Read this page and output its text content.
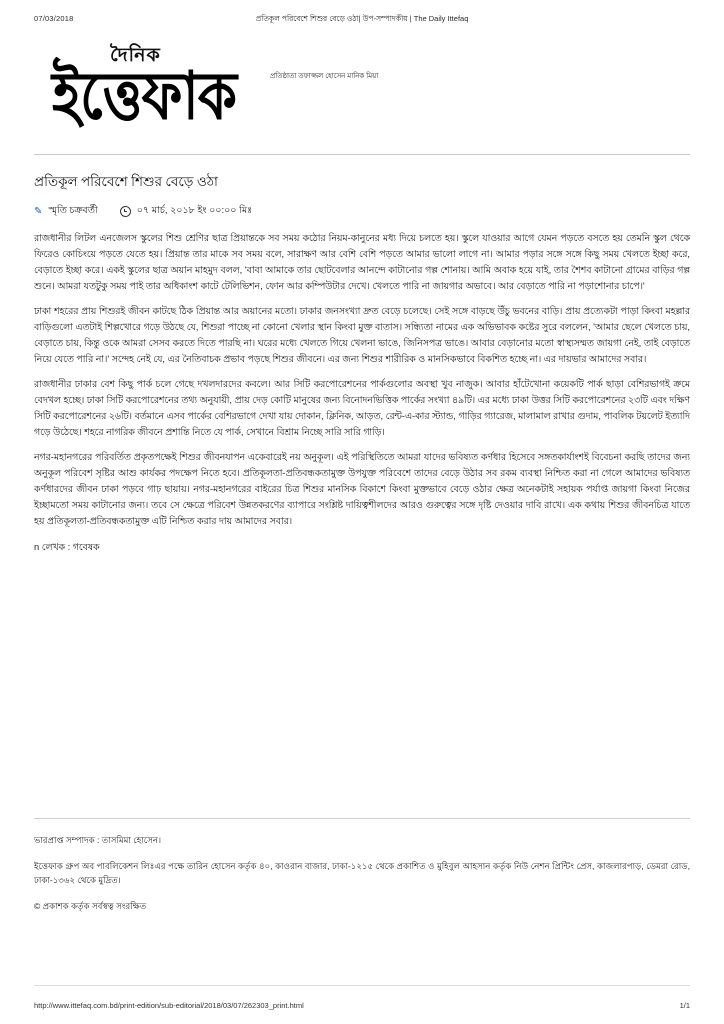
07/03/2018	প্রতিকূল পরিবেশে শিশুর বেড়ে ওঠা| উপ-সম্পাদকীয় | The Daily Ittefaq
দৈনিক
ইত্তেফাক	প্রতিষ্ঠাতা তফাজ্জল হোসেন মানিক মিয়া
প্রতিকূল পরিবেশে শিশুর বেড়ে ওঠা
✎ স্মৃতি চক্রবর্তী	০৭ মার্চ, ২০১৮ ইং ০০:০০ মিঃ

রাজধানীর লিটল এনজেলস স্কুলের শিশু শ্রেণির ছাত্র প্রিয়ান্তকে সব সময় কঠোর নিয়ম-কানুনের মধ্য দিয়ে চলতে হয়। স্কুলে যাওয়ার আগে যেমন পড়তে বসতে হয় তেমনি স্কুল থেকে ফিরেও কোচিংয়ে পড়তে যেতে হয়। প্রিয়ান্ত তার মাকে সব সময় বলে, সারাক্ষণ আর বেশি বেশি পড়তে আমার ভালো লাগে না। আমার পড়ার সঙ্গে সঙ্গে কিছু সময় খেলতে ইচ্ছা করে, বেড়াতে ইচ্ছা করে। একই স্কুলের ছাত্র অয়ান মাহমুদ বলল, 'বাবা আমাকে তার ছোটবেলার আনন্দে কাটানোর গল্প শোনায়। আমি অবাক হয়ে যাই, তার শৈশব কাটানো গ্রামের বাড়ির গল্প শুনে। আমরা যতটুকু সময় পাই তার অধিকাংশ কাটে টেলিভিশন, ফোন আর কম্পিউটার দেখে। খেলতে পারি না জায়গার অভাবে। আর বেড়াতে পারি না পড়াশোনার চাপে।'

ঢাকা শহরের প্রায় শিশুরই জীবন কাটছে ঠিক প্রিয়ান্ত আর অয়ানের মতো। ঢাকার জনসংখ্যা দ্রুত বেড়ে চলেছে। সেই সঙ্গে বাড়ছে উঁচু ভবনের বাড়ি। প্রায় প্রত্যেকটা পাড়া কিংবা মহল্লার বাড়িগুলো এতটাই শিল্পখোরে গড়ে উঠছে যে, শিশুরা পাচ্ছে না কোনো খেলার স্থান কিংবা মুক্ত বাতাস। সন্ধ্যিতা নামের এক অভিভাবক কষ্টের সুরে বললেন, 'আমার ছেলে খেলতে চায়, বেড়াতে চায়, কিন্তু ওকে আমরা সেসব করতে দিতে পারছি না। ঘরের মধ্যে খেলতে গিয়ে খেলনা ভাঙে, জিনিসপত্র ভাঙে। আবার বেড়ানোর মতো স্বাস্থ্যসম্মত জায়গা নেই, তাই বেড়াতে নিয়ে যেতে পারি না।' সন্দেহ নেই যে, এর নৈতিবাচক প্রভাব পড়ছে শিশুর জীবনে। এর জন্য শিশুর শারীরিক ও মানসিকভাবে বিকশিত হচ্ছে না। এর দায়ভার আমাদের সবার।

রাজধানীর ঢাকার বেশ কিছু পার্ক চলে গেছে দখলদারদের কবলে। আর সিটি করপোরেশনের পার্কগুলোর অবস্থা খুব নাজুক। আবার হাঁটেখোনা কয়েকটি পার্ক ছাড়া বেশিরভাগই ক্রমে বেদখল হচ্ছে। ঢাকা সিটি করপোরেশনের তথ্য অনুযায়ী, প্রায় দেড় কোটি মানুষের জন্য বিনোদনভিত্তিক পার্কের সংখ্যা ৪৯টি। এর মধ্যে ঢাকা উত্তর সিটি করপোরেশনের ২৩টি এবং দক্ষিণ সিটি করপোরেশনের ২৬টি। বর্তমানে এসব পার্কের বেশিরভাগে দেখা যায় দোকান, ক্লিনিক, আড়ত, রেন্ট-এ-কার স্ট্যান্ড, গাড়ির গ্যারেজ, মালামাল রাখার গুদাম, পাবলিক টয়লেট ইত্যাদি গড়ে উঠেছে। শহরে নাগরিক জীবনে প্রশান্তি নিতে যে পার্ক, সেখানে বিশ্রাম নিচ্ছে সারি সারি গাড়ি।

নগর-মহানগরের পরিবর্তিত প্রকৃতপক্ষেই শিশুর জীবনযাপন একেবারেই নয় অনুকূল। এই পরিস্থিতিতে আমরা যাদের ভবিষ্যত কর্ণধার হিসেবে সঙ্গতকার্যাংশই বিবেচনা করছি তাদের জন্য অনুকূল পরিবেশ সৃষ্টির আশু কার্যকর পদক্ষেপ নিতে হবে। প্রতিকূলতা-প্রতিবন্ধকতামুক্ত উপযুক্ত পরিবেশে তাদের বেড়ে উঠার সব রকম ব্যবস্থা নিশ্চিত করা না গেলে আমাদের ভবিষ্যত কর্ণধারদের জীবন ঢাকা পড়বে গাঢ় ছায়ায়। নগর-মহানগরের বাইরের চিত্র শিশুর মানসিক বিকাশে কিংবা মুক্তভাবে বেড়ে ওঠার ক্ষেত্র অনেকটাই সহায়ক পর্যাপ্ত জায়গা কিংবা নিজের ইচ্ছামতো সময় কাটানোর জন্য। তবে সে ক্ষেত্রে পরিবেশ উন্নতকরণের ব্যাপারে সংশ্লিষ্ট দায়িত্বশীলদের আরও গুরুত্বের সঙ্গে দৃষ্টি দেওয়ার দাবি রাখে। এক কথায় শিশুর জীবনচিত্র যাতে হয় প্রতিকূলতা-প্রতিবন্ধকতামুক্ত এটি নিশ্চিত করার দায় আমাদের সবার।

n লেখক : গবেষক

ভারপ্রাপ্ত সম্পাদক : তাসমিমা হোসেন।

ইত্তেফাক গ্রুপ অব পাবলিকেশন লিঃএর পক্ষে তারিন হোসেন কর্তৃক ৪০, কাওরান বাজার, ঢাকা-১২১৫ থেকে প্রকাশিত ও মুহিবুল আহসান কর্তৃক নিউ নেশন প্রিন্টিং প্রেস, কাজলারপাড়, ডেমরা রোড, ঢাকা-১৩৬২ থেকে মুদ্রিত।

© প্রকাশক কর্তৃক সর্বস্বত্ব সংরক্ষিত

http://www.ittefaq.com.bd/print-edition/sub-editorial/2018/03/07/262303_print.html	1/1
